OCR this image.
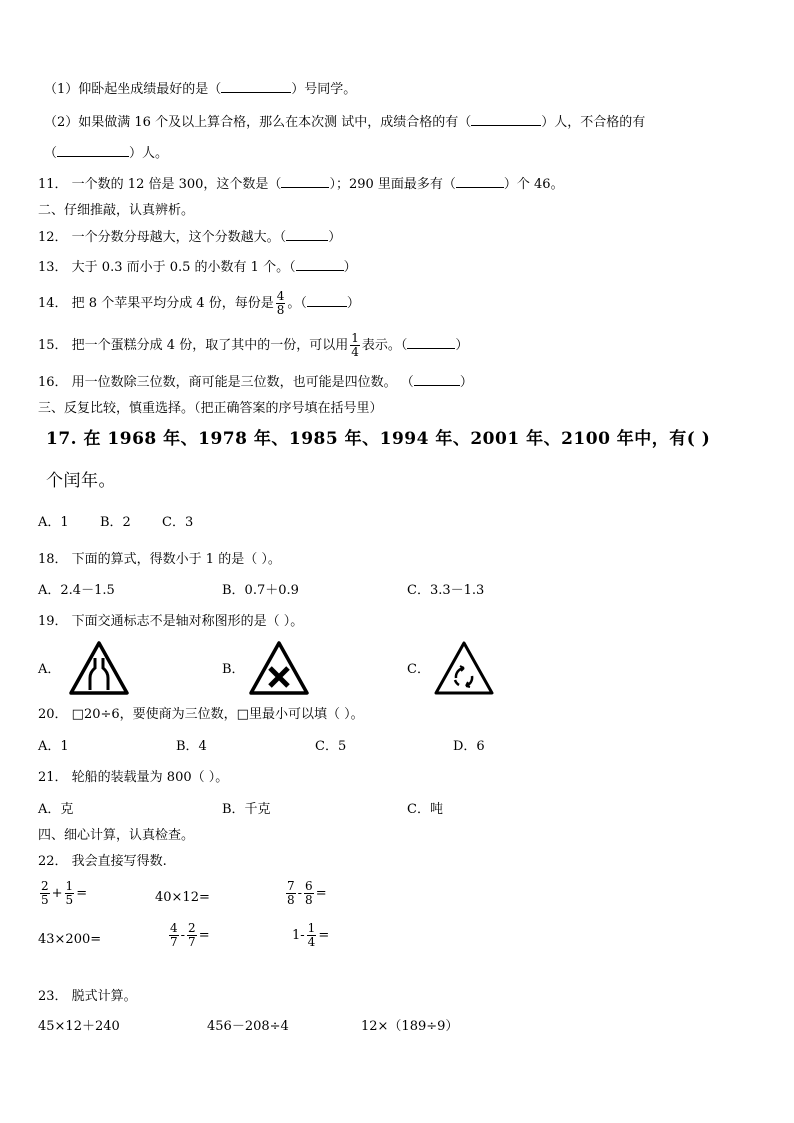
（1）仰卧起坐成绩最好的是（	）号同学。
（2）如果做满 16 个及以上算合格，那么在本次测 试中，成绩合格的有（	）人，不合格的有
（	）人。
11． 一个数的 12 倍是 300，这个数是（	）；290 里面最多有（	）个 46。
二、仔细推敲，认真辨析。
12． 一个分数分母越大，这个分数越大。（	）
13． 大于 0.3 而小于 0.5 的小数有 1 个。（	）
14． 把 8 个苹果平均分成 4 份，每份是 $\frac{4}{8}$ 。（	）
15． 把一个蛋糕分成 4 份，取了其中的一份，可以用 $\frac{1}{4}$ 表示。（	）
16． 用一位数除三位数，商可能是三位数，也可能是四位数。 （	）
三、反复比较，慎重选择。（把正确答案的序号填在括号里）
17. 在 1968 年、1978 年、1985 年、1994 年、2001 年、2100 年中，有( )
个闰年。
A．1 B．2 C．3
18． 下面的算式，得数小于 1 的是（ ）。
A．2.4－1.5	B．0.7＋0.9	C．3.3－1.3
19． 下面交通标志不是轴对称图形的是（ ）。
A．	B．	C．
20． □20÷6，要使商为三位数，□里最小可以填（ ）。
A．1	B．4	C．5	D．6
21． 轮船的装载量为 800（ ）。
A．克	B．千克	C．吨
四、细心计算，认真检查。
22． 我会直接写得数.
$\frac{2}{5} + \frac{1}{5}$ =	40×12=	$\frac{7}{8} - \frac{6}{8}$ =
43×200=	$\frac{4}{7} - \frac{2}{7}$ =	$1- \frac{1}{4}$ =
23． 脱式计算。
45×12＋240	456－208÷4	12×（189÷9）
